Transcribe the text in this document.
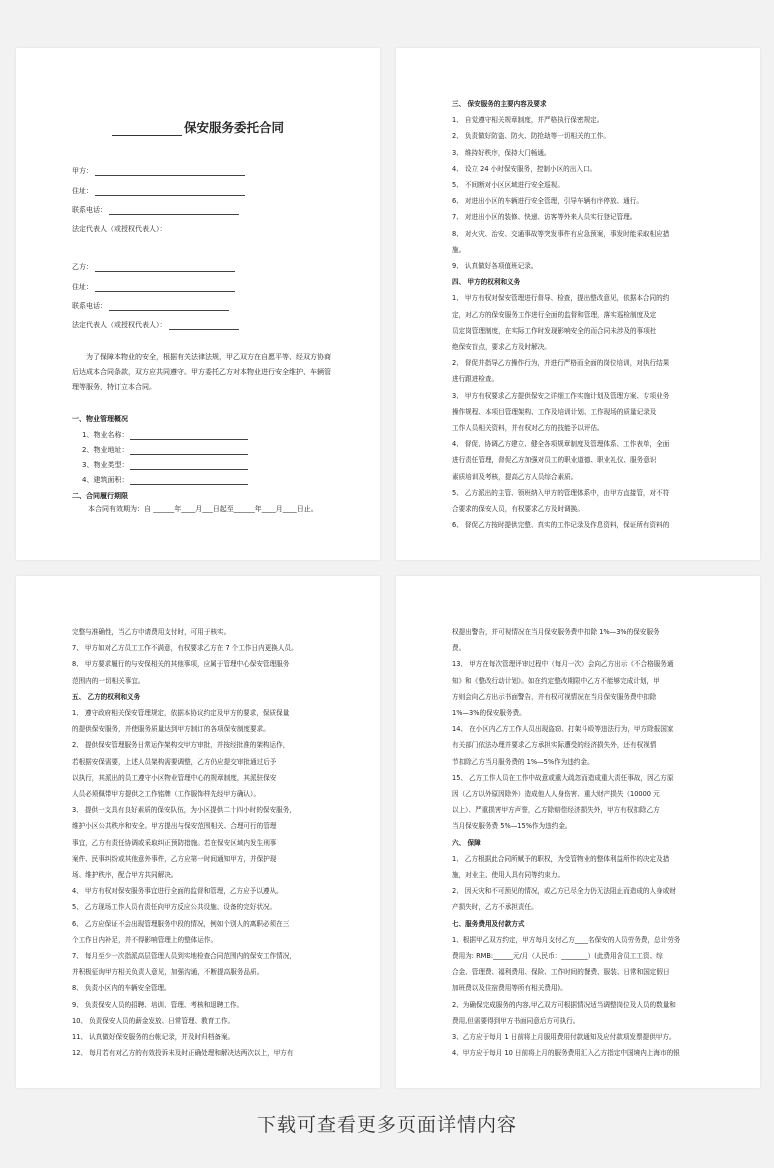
保安服务委托合同
甲方：
住址：
联系电话：
法定代表人（或授权代表人）：
乙方：
住址：
联系电话：
法定代表人（或授权代表人）：
为了保障本物业的安全，根据有关法律法规，甲乙双方在自愿平等、经双方协商后达成本合同条款，双方应共同遵守。甲方委托乙方对本物业进行安全维护、车辆管理等服务，特订立本合同。
一、物业管理概况
1、物业名称：
2、物业地址：
3、物业类型：
4、建筑面积：
二、合同履行期限
本合同有效期为：自 ______年____月___日起至______年____月____日止。
三、 保安服务的主要内容及要求
1、 自觉遵守相关规章制度，并严格执行保密规定。
2、 负责做好防盗、防火、防抢劫等一切相关的工作。
3、 维持好秩序，保持大门畅通。
4、 设立 24 小时保安服务，控制小区的出入口。
5、 不间断对小区区域进行安全巡视。
6、 对进出小区的车辆进行安全管理，引导车辆有序停放、通行。
7、 对进出小区的装修、快递、访客等外来人员实行登记管理。
8、 对火灾、治安、交通事故等突发事件有应急预案，事发时能采取相应措
施。
9、 认真做好各项值班记录。
四、 甲方的权利和义务
1、 甲方有权对保安管理进行督导、检查，提出整改意见，依据本合同的约
定，对乙方的保安服务工作进行全面的监督和管理，落实巡检制度及定
员定岗管理制度，在实际工作时发现影响安全的而合同未涉及的事项杜
绝保安盲点，要求乙方及时解决。
2、 督促并指导乙方操作行为，并进行严格而全面的岗位培训，对执行结果
进行跟进检查。
3、 甲方有权要求乙方提供保安之详细工作实施计划及管理方案、专项业务
操作规程、本项目管理架构、工作及培训计划、工作现场的质量记录及
工作人员相关资料，并有权对乙方的技能予以评估。
4、 督促、协调乙方建立、健全各项规章制度及管理体系、工作表单，全面
进行责任管理，督促乙方加强对员工的职业道德、职业礼仪、服务意识
素质培训及考核，提高乙方人员综合素质。
5、 乙方派出的主管、领班纳入甲方的管理体系中，由甲方直接管，对不符
合要求的保安人员，有权要求乙方及时调换。
6、 督促乙方按时提供完整、真实的工作记录及作息资料，保证所有资料的
完整与准确性，当乙方申请费用支付时，可用于核实。
7、 甲方如对乙方员工工作不满意，有权要求乙方在 7 个工作日内更换人员。
8、 甲方要求履行的与安保相关的其他事项，应属于管理中心保安管理服务
范围内的一切相关事宜。
五、 乙方的权利和义务
1、 遵守政府相关保安管理规定，依据本协议约定及甲方的要求，保质保量
的提供保安服务，并使服务质量达到甲方制订的各项保安制度要求。
2、 提供保安管理服务日常运作架构交甲方审批，并按经批准的架构运作，
若根据安保需要，上述人员架构需要调整，乙方仍应提交审批通过后予
以执行，其派出的员工遵守小区物业管理中心的规章制度，其派驻保安
人员必须佩带甲方提供之工作铭牌（工作服饰样先经甲方确认）。
3、 提供一支具有良好素质的保安队伍，为小区提供二十四小时的保安服务，
维护小区公共秩序和安全。甲方提出与保安范围相关、合理可行的管理
事宜，乙方有责任协调或采取纠正预防措施。若在保安区域内发生刑事
案件、民事纠纷或其他意外事件，乙方应第一时间通知甲方，并保护现
场、维护秩序，配合甲方共同解决。
4、 甲方有权对保安服务事宜进行全面的监督和管理，乙方应予以遵从。
5、 乙方现场工作人员有责任向甲方反应公共设施、设备的完好状况。
6、 乙方应保证不会出现管理服务中段的情况，例如个别人的离职必须在三
个工作日内补足，并不得影响管理上的整体运作。
7、 每月至少一次指派高层管理人员到实地检查合同范围内的保安工作情况，
并积极征询甲方相关负责人意见，加强沟通，不断提高服务品质。
8、 负责小区内的车辆安全管理。
9、 负责保安人员的招聘、培训、管理、考核和退聘工作。
10、 负责保安人员的薪金发放、日常管理、教育工作。
11、 认真做好保安服务的台帐记录，并及时归档备案。
12、 每月若有对乙方的有效投诉未及时正确处理和解决达两次以上，甲方有
权提出警告，并可视情况在当月保安服务费中扣除 1%—3%的保安服务
费。
13、 甲方在每次管理评审过程中（每月一次）会向乙方出示《不合格服务通
知》和《整改行动计划》。如在约定整改期限中乙方不能够完成计划，甲
方则会向乙方出示书面警告，并有权可视情况在当月保安服务费中扣除
1%—3%的保安服务费。
14、 在小区内乙方工作人员出现盗窃、打架斗殴等违法行为，甲方除报国家
有关部门依法办理并要求乙方承担实际遭受的经济损失外，还有权视情
节扣除乙方当月服务费的 1%—5%作为违约金。
15、 乙方工作人员在工作中故意或重大疏忽而造成重大责任事故，因乙方原
因（乙方以外原因除外）造成他人人身伤害、重大财产损失（10000 元
以上）、严重损害甲方声誉，乙方除赔偿经济损失外，甲方有权扣除乙方
当月保安服务费 5%—15%作为违约金。
六、 保障
1、 乙方根据此合同所赋予的职权，为受管物业的整体利益所作的决定及措
施，对业主、使用人具有同等约束力。
2、 因天灾和不可预见的情况，或乙方已尽全力仍无法阻止而造成的人身或财
产损失时，乙方不承担责任。
七、服务费用及付款方式
1、根据甲乙双方约定，甲方每月支付乙方____名保安的人员劳务费，总计劳务
费用为: RMB:______元/月（人民币：________）(此费用含员工工资、综
合金、管理费、福利费用、保险、工作时间的餐费、服装、日常和国定假日
加班费以及住宿费用等所有相关费用)。
2、为确保完成服务的内容,甲乙双方可根据情况适当调整岗位及人员的数量和
费用,但需要得到甲方书面同意后方可执行。
3、乙方应于每月 1 日前将上月服用费用付款通知及应付款项发票提供甲方。
4、甲方应于每月 10 日前将上月的服务费用汇入乙方指定中国境内上海市的银
下载可查看更多页面详情内容
